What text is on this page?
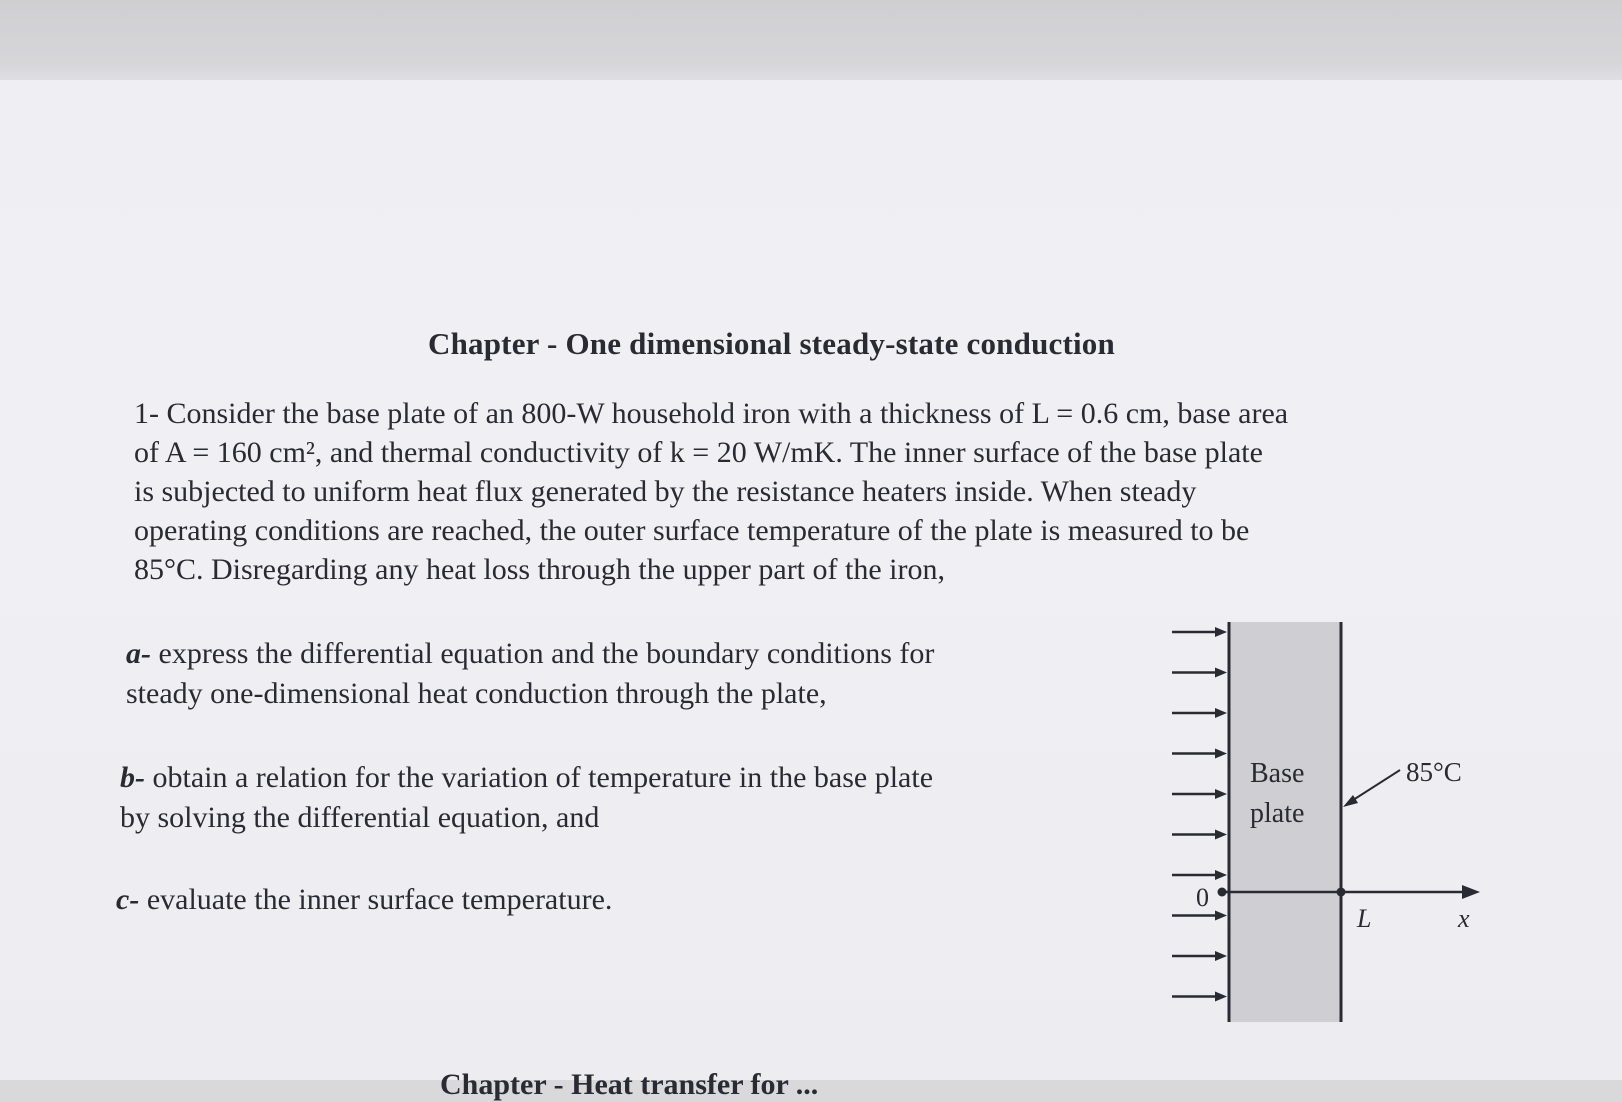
Chapter - One dimensional steady-state conduction
1- Consider the base plate of an 800-W household iron with a thickness of L = 0.6 cm, base area
of A = 160 cm², and thermal conductivity of k = 20 W/mK. The inner surface of the base plate
is subjected to uniform heat flux generated by the resistance heaters inside. When steady
operating conditions are reached, the outer surface temperature of the plate is measured to be
85°C. Disregarding any heat loss through the upper part of the iron,
a- express the differential equation and the boundary conditions for
steady one-dimensional heat conduction through the plate,
b- obtain a relation for the variation of temperature in the base plate
by solving the differential equation, and
c- evaluate the inner surface temperature.
Base
plate
85°C
0
L	x
Chapter - Heat transfer for ...
